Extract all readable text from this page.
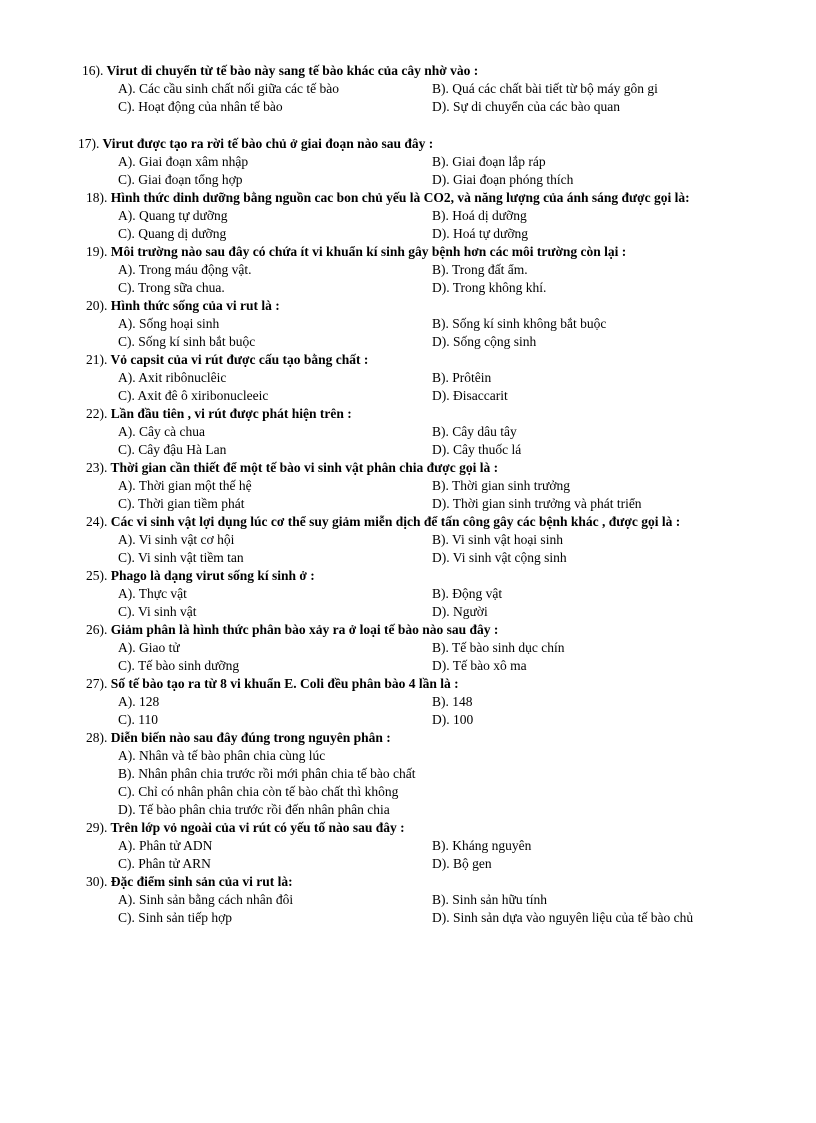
16). Virut di chuyển từ tế bào này sang tế bào khác của cây nhờ vào :
A). Các cầu sinh chất nối giữa các tế bào	B). Quá các chất bài tiết từ bộ máy gôn gi
C). Hoạt động của nhân tế bào	D). Sự di chuyển của các bào quan
17). Virut được tạo ra rời tế bào chủ ở giai đoạn nào sau đây :
A). Giai đoạn xâm nhập	B). Giai đoạn lắp ráp
C). Giai đoạn tổng hợp	D). Giai đoạn phóng thích
18). Hình thức dinh dưỡng bằng nguồn cac bon chủ yếu là CO2, và năng lượng của ánh sáng được gọi là:
A). Quang tự dưỡng	B). Hoá dị dưỡng
C). Quang dị dưỡng	D). Hoá tự dưỡng
19). Môi trường nào sau đây có chứa ít vi khuẩn kí sinh gây bệnh hơn các môi trường còn lại :
A). Trong máu động vật.	B). Trong đất ẩm.
C). Trong sữa chua.	D). Trong không khí.
20). Hình thức sống của vi rut là :
A). Sống hoại sinh	B). Sống kí sinh không bắt buộc
C). Sống kí sinh bắt buộc	D). Sống cộng sinh
21). Vỏ capsit của vi rút được cấu tạo bằng chất :
A). Axit ribônuclêic	B). Prôtêin
C). Axit đê ô xiribonucleeic	D). Đisaccarit
22). Lần đầu tiên , vi rút được phát hiện trên :
A). Cây cà chua	B). Cây dâu tây
C). Cây đậu Hà Lan	D). Cây thuốc lá
23). Thời gian cần thiết để một tế bào vi sinh vật phân chia được gọi là :
A). Thời gian một thế hệ	B). Thời gian sinh trưởng
C). Thời gian tiềm phát	D). Thời gian sinh trưởng và phát triển
24). Các vi sinh vật lợi dụng lúc cơ thể suy giảm miễn dịch để tấn công gây các bệnh khác , được gọi là :
A). Vi sinh vật cơ hội	B). Vi sinh vật hoại sinh
C). Vi sinh vật tiềm tan	D). Vi sinh vật cộng sinh
25). Phago là dạng virut sống kí sinh ở :
A). Thực vật	B). Động vật
C). Vi sinh vật	D). Người
26). Giảm phân là hình thức phân bào xảy ra ở loại tế bào nào sau đây :
A). Giao tử	B). Tế bào sinh dục chín
C). Tế bào sinh dưỡng	D). Tế bào xô ma
27). Số tế bào tạo ra từ 8 vi khuẩn E. Coli đều phân bào 4 lần là :
A). 128	B). 148
C). 110	D). 100
28). Diễn biến nào sau đây đúng trong nguyên phân :
A). Nhân và tế bào phân chia cùng lúc
B). Nhân phân chia trước rồi mới phân chia tế bào chất
C). Chỉ có nhân phân chia còn tế bào chất thì không
D). Tế bào phân chia trước rồi đến nhân phân chia
29). Trên lớp vỏ ngoài của vi rút có yếu tố nào sau đây :
A). Phân tử ADN	B). Kháng nguyên
C). Phân tử ARN	D). Bộ gen
30). Đặc điểm sinh sản của vi rut là:
A). Sinh sản bằng cách nhân đôi	B). Sinh sản hữu tính
C). Sinh sản tiếp hợp	D). Sinh sản dựa vào nguyên liệu của tế bào chủ
